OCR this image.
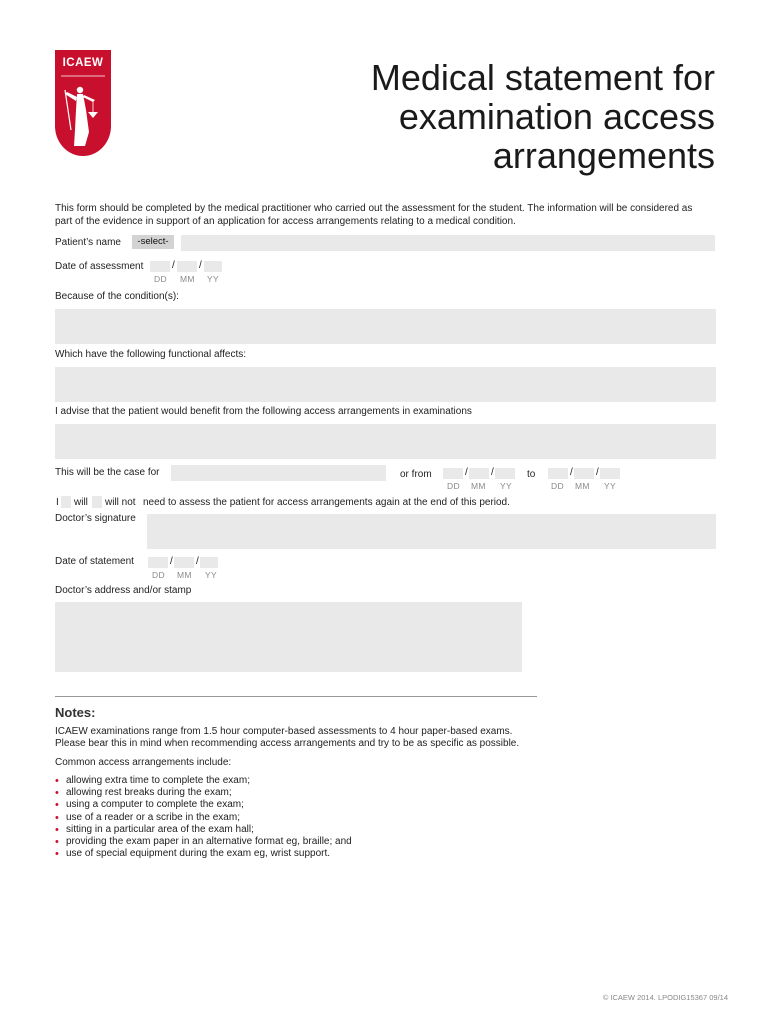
ICAEW	Medical statement for
examination access
arrangements
This form should be completed by the medical practitioner who carried out the assessment for the student. The information will be considered as part of the evidence in support of an application for access arrangements relating to a medical condition.
Patient’s name	-select-
Date of assessment	/ /
DD MM YY
Because of the condition(s):
Which have the following functional affects:
I advise that the patient would benefit from the following access arrangements in examinations
This will be the case for	or from	/ /
DD MM YY
to	/ /
DD MM YY
I will will not need to assess the patient for access arrangements again at the end of this period.
Doctor’s signature
Date of statement	/ /
DD MM YY
Doctor’s address and/or stamp
Notes:
ICAEW examinations range from 1.5 hour computer-based assessments to 4 hour paper-based exams.
Please bear this in mind when recommending access arrangements and try to be as specific as possible.
Common access arrangements include:
• allowing extra time to complete the exam;
• allowing rest breaks during the exam;
• using a computer to complete the exam;
• use of a reader or a scribe in the exam;
• sitting in a particular area of the exam hall;
• providing the exam paper in an alternative format eg, braille; and
• use of special equipment during the exam eg, wrist support.
© ICAEW 2014. LPODIG15367 09/14
